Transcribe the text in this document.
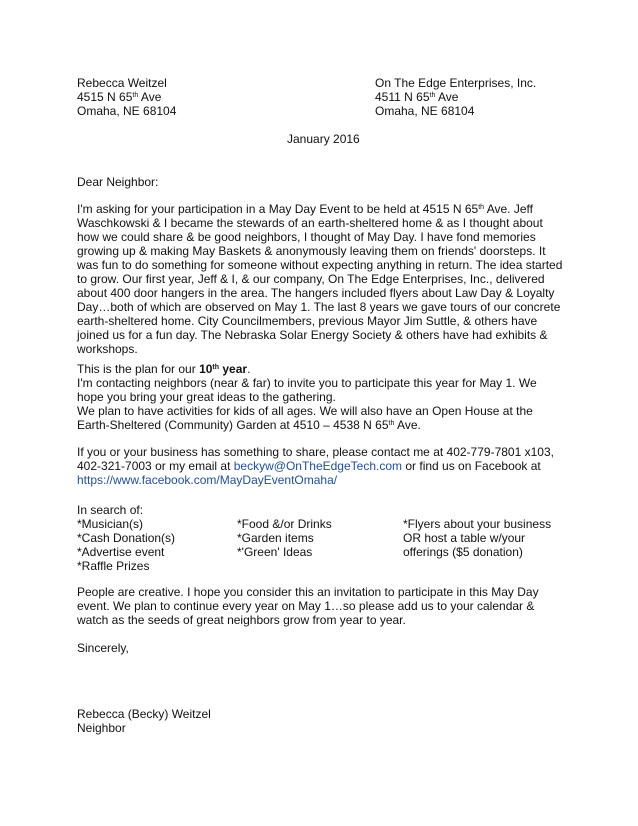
Rebecca Weitzel
4515 N 65th Ave
Omaha, NE 68104
On The Edge Enterprises, Inc.
4511 N 65th Ave
Omaha, NE 68104
January 2016
Dear Neighbor:
I'm asking for your participation in a May Day Event to be held at 4515 N 65th Ave. Jeff
Waschkowski & I became the stewards of an earth-sheltered home & as I thought about
how we could share & be good neighbors, I thought of May Day. I have fond memories
growing up & making May Baskets & anonymously leaving them on friends' doorsteps. It
was fun to do something for someone without expecting anything in return. The idea started
to grow. Our first year, Jeff & I, & our company, On The Edge Enterprises, Inc., delivered
about 400 door hangers in the area. The hangers included flyers about Law Day & Loyalty
Day…both of which are observed on May 1. The last 8 years we gave tours of our concrete
earth-sheltered home. City Councilmembers, previous Mayor Jim Suttle, & others have
joined us for a fun day. The Nebraska Solar Energy Society & others have had exhibits &
workshops.
This is the plan for our 10th year.
I'm contacting neighbors (near & far) to invite you to participate this year for May 1. We
hope you bring your great ideas to the gathering.
We plan to have activities for kids of all ages. We will also have an Open House at the
Earth-Sheltered (Community) Garden at 4510 – 4538 N 65th Ave.
If you or your business has something to share, please contact me at 402-779-7801 x103,
402-321-7003 or my email at beckyw@OnTheEdgeTech.com or find us on Facebook at
https://www.facebook.com/MayDayEventOmaha/
In search of:
*Musician(s)
*Cash Donation(s)
*Advertise event
*Raffle Prizes
*Food &/or Drinks
*Garden items
*'Green' Ideas
*Flyers about your business
OR host a table w/your
offerings ($5 donation)
People are creative. I hope you consider this an invitation to participate in this May Day
event. We plan to continue every year on May 1…so please add us to your calendar &
watch as the seeds of great neighbors grow from year to year.
Sincerely,
Rebecca (Becky) Weitzel
Neighbor
